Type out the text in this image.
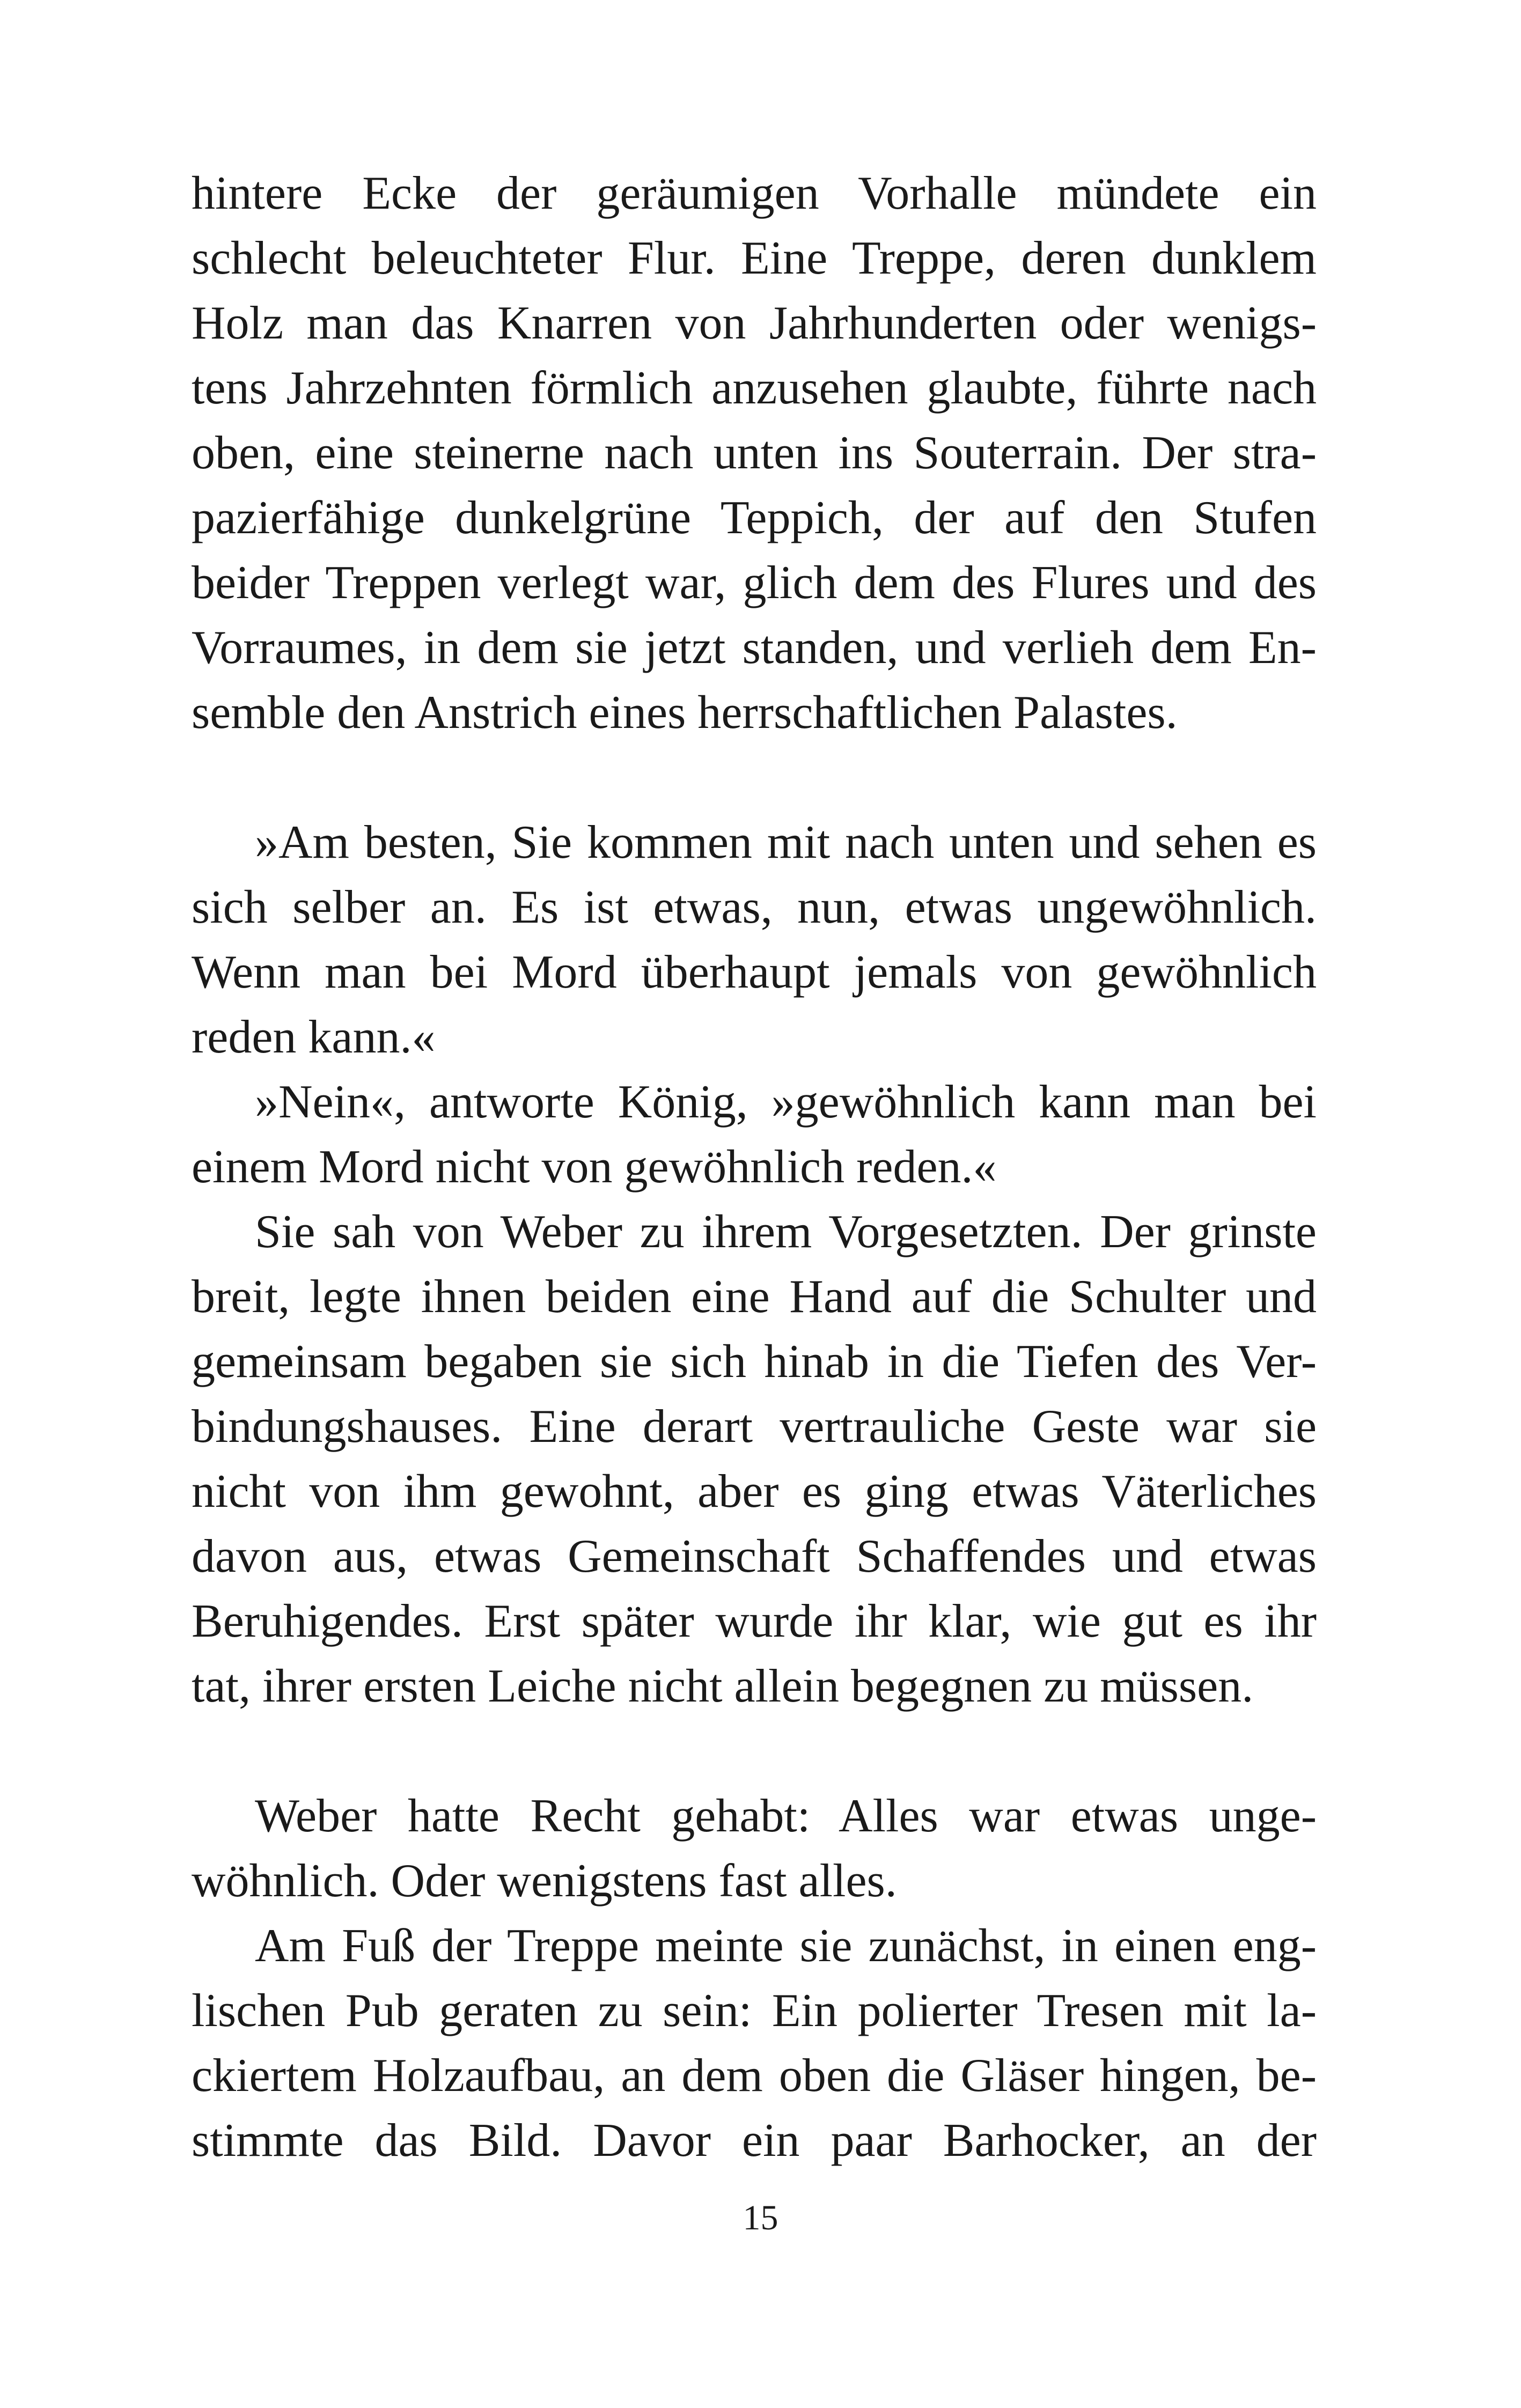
hintere Ecke der geräumigen Vorhalle mündete ein
schlecht beleuchteter Flur. Eine Treppe, deren dunklem
Holz man das Knarren von Jahrhunderten oder wenigs-
tens Jahrzehnten förmlich anzusehen glaubte, führte nach
oben, eine steinerne nach unten ins Souterrain. Der stra-
pazierfähige dunkelgrüne Teppich, der auf den Stufen
beider Treppen verlegt war, glich dem des Flures und des
Vorraumes, in dem sie jetzt standen, und verlieh dem En-
semble den Anstrich eines herrschaftlichen Palastes.
»Am besten, Sie kommen mit nach unten und sehen es
sich selber an. Es ist etwas, nun, etwas ungewöhnlich.
Wenn man bei Mord überhaupt jemals von gewöhnlich
reden kann.«
»Nein«, antworte König, »gewöhnlich kann man bei
einem Mord nicht von gewöhnlich reden.«
Sie sah von Weber zu ihrem Vorgesetzten. Der grinste
breit, legte ihnen beiden eine Hand auf die Schulter und
gemeinsam begaben sie sich hinab in die Tiefen des Ver-
bindungshauses. Eine derart vertrauliche Geste war sie
nicht von ihm gewohnt, aber es ging etwas Väterliches
davon aus, etwas Gemeinschaft Schaffendes und etwas
Beruhigendes. Erst später wurde ihr klar, wie gut es ihr
tat, ihrer ersten Leiche nicht allein begegnen zu müssen.
Weber hatte Recht gehabt: Alles war etwas unge-
wöhnlich. Oder wenigstens fast alles.
Am Fuß der Treppe meinte sie zunächst, in einen eng-
lischen Pub geraten zu sein: Ein polierter Tresen mit la-
ckiertem Holzaufbau, an dem oben die Gläser hingen, be-
stimmte das Bild. Davor ein paar Barhocker, an der
15
